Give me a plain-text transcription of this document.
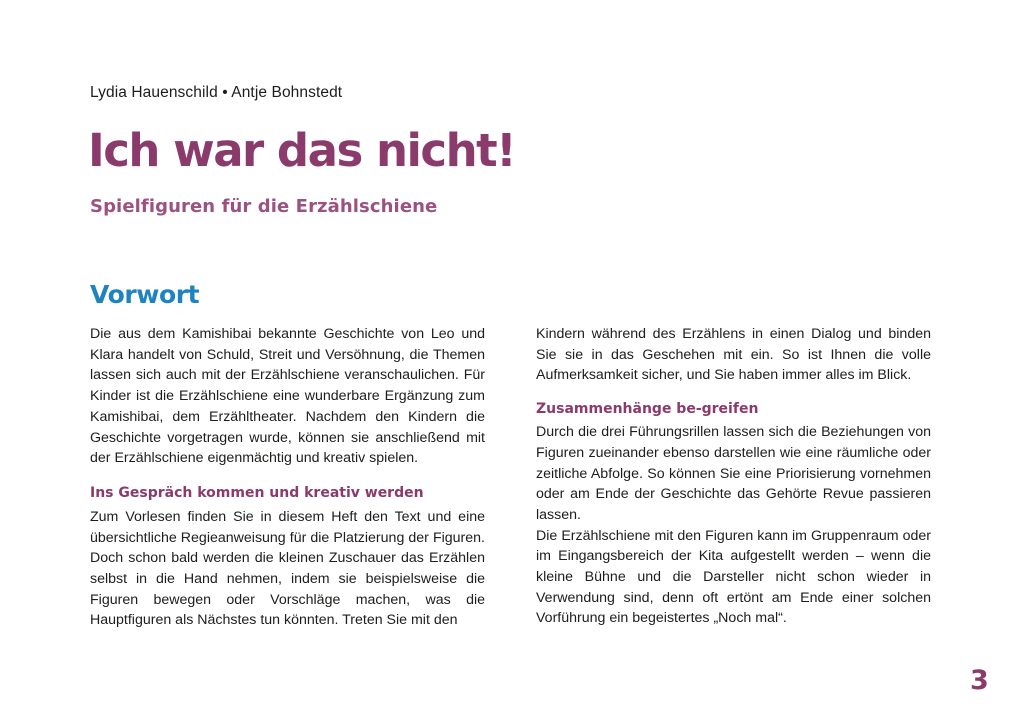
Lydia Hauenschild • Antje Bohnstedt
Ich war das nicht!
Spielfiguren für die Erzählschiene
Vorwort

Die aus dem Kamishibai bekannte Geschichte von Leo und Klara handelt von Schuld, Streit und Versöhnung, die Themen lassen sich auch mit der Erzählschiene veranschaulichen. Für Kinder ist die Erzählschiene eine wunderbare Ergänzung zum Kamishibai, dem Erzähltheater. Nachdem den Kindern die Geschichte vorgetragen wurde, können sie anschließend mit der Erzählschiene eigenmächtig und kreativ spielen.

Ins Gespräch kommen und kreativ werden

Zum Vorlesen finden Sie in diesem Heft den Text und eine übersichtliche Regieanweisung für die Platzierung der Figuren. Doch schon bald werden die kleinen Zuschauer das Erzählen selbst in die Hand nehmen, indem sie beispielsweise die Figuren bewegen oder Vorschläge machen, was die Hauptfiguren als Nächstes tun könnten. Treten Sie mit den

Kindern während des Erzählens in einen Dialog und binden Sie sie in das Geschehen mit ein. So ist Ihnen die volle Aufmerksamkeit sicher, und Sie haben immer alles im Blick.

Zusammenhänge be-greifen

Durch die drei Führungsrillen lassen sich die Beziehungen von Figuren zueinander ebenso darstellen wie eine räumliche oder zeitliche Abfolge. So können Sie eine Priorisierung vornehmen oder am Ende der Geschichte das Gehörte Revue passieren lassen.

Die Erzählschiene mit den Figuren kann im Gruppenraum oder im Eingangsbereich der Kita aufgestellt werden – wenn die kleine Bühne und die Darsteller nicht schon wieder in Verwendung sind, denn oft ertönt am Ende einer solchen Vorführung ein begeistertes „Noch mal“.

3
